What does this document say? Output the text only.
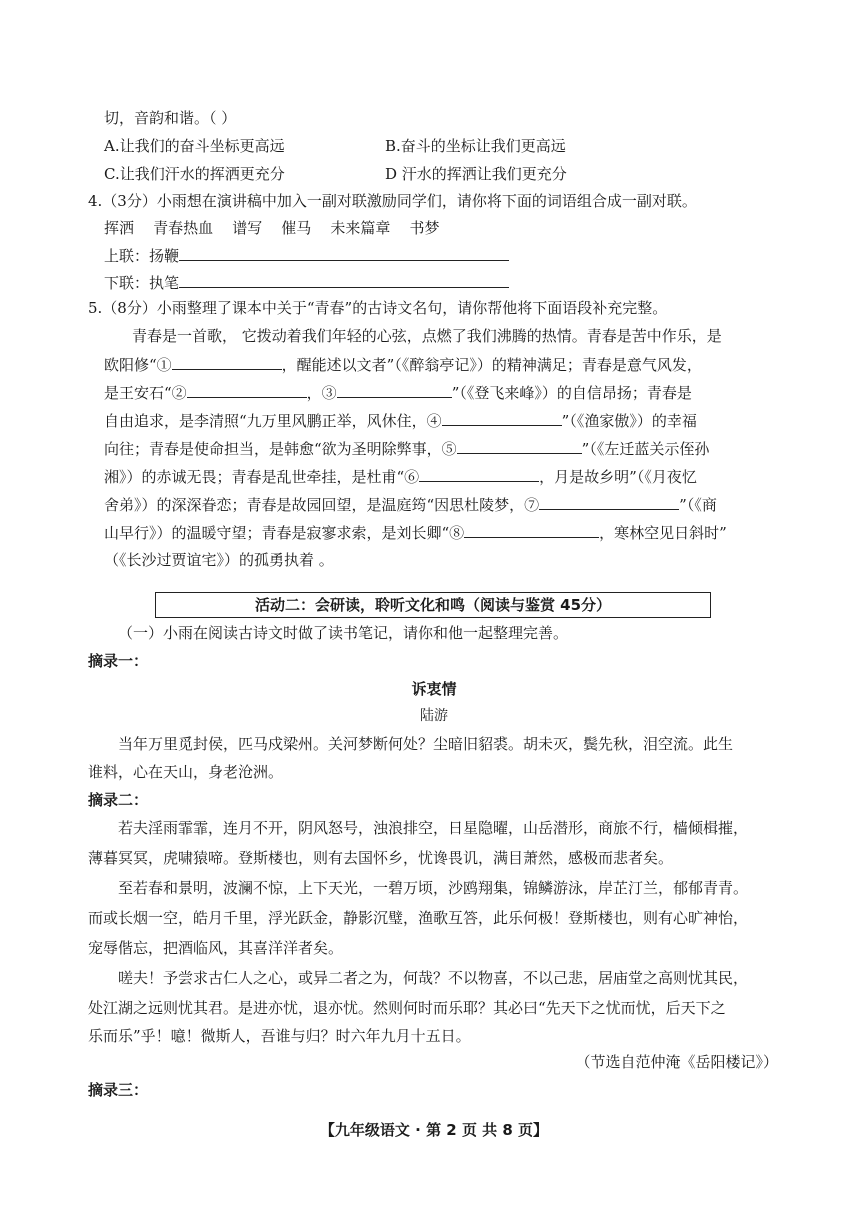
切，音韵和谐。（ ）
A.让我们的奋斗坐标更高远	B.奋斗的坐标让我们更高远
C.让我们汗水的挥洒更充分	D 汗水的挥洒让我们更充分
4.（3分）小雨想在演讲稿中加入一副对联激励同学们，请你将下面的词语组合成一副对联。
挥洒 青春热血 谱写 催马 未来篇章 书梦
上联：扬鞭
下联：执笔
5.（8分）小雨整理了课本中关于“青春”的古诗文名句，请你帮他将下面语段补充完整。
青春是一首歌， 它拨动着我们年轻的心弦，点燃了我们沸腾的热情。青春是苦中作乐，是
欧阳修“①	，醒能述以文者”（《醉翁亭记》）的精神满足；青春是意气风发，
是王安石“②	，③	”（《登飞来峰》）的自信昂扬；青春是
自由追求，是李清照“九万里风鹏正举，风休住，④	”（《渔家傲》）的幸福
向往；青春是使命担当，是韩愈“欲为圣明除弊事，⑤	”（《左迁蓝关示侄孙
湘》）的赤诚无畏；青春是乱世牵挂，是杜甫“⑥	，月是故乡明”（《月夜忆
舍弟》）的深深眷恋；青春是故园回望，是温庭筠“因思杜陵梦，⑦	”（《商
山早行》）的温暖守望；青春是寂寥求索，是刘长卿“⑧	，寒林空见日斜时”
（《长沙过贾谊宅》）的孤勇执着 。
活动二：会研读，聆听文化和鸣（阅读与鉴赏 45分）
（一）小雨在阅读古诗文时做了读书笔记，请你和他一起整理完善。
摘录一：
诉衷情
陆游
当年万里觅封侯，匹马戍梁州。关河梦断何处？尘暗旧貂裘。胡未灭，鬓先秋，泪空流。此生
谁料，心在天山，身老沧洲。
摘录二：
若夫淫雨霏霏，连月不开，阴风怒号，浊浪排空，日星隐曜，山岳潜形，商旅不行，樯倾楫摧，
薄暮冥冥，虎啸猿啼。登斯楼也，则有去国怀乡，忧谗畏讥，满目萧然，感极而悲者矣。
至若春和景明，波澜不惊，上下天光，一碧万顷，沙鸥翔集，锦鳞游泳，岸芷汀兰，郁郁青青。
而或长烟一空，皓月千里，浮光跃金，静影沉璧，渔歌互答，此乐何极！登斯楼也，则有心旷神怡，
宠辱偕忘，把酒临风，其喜洋洋者矣。
嗟夫！予尝求古仁人之心，或异二者之为，何哉？不以物喜，不以己悲，居庙堂之高则忧其民，
处江湖之远则忧其君。是进亦忧，退亦忧。然则何时而乐耶？其必曰“先天下之忧而忧，后天下之
乐而乐”乎！噫！微斯人，吾谁与归？时六年九月十五日。
（节选自范仲淹《岳阳楼记》）
摘录三：
【九年级语文 · 第 2 页 共 8 页】
